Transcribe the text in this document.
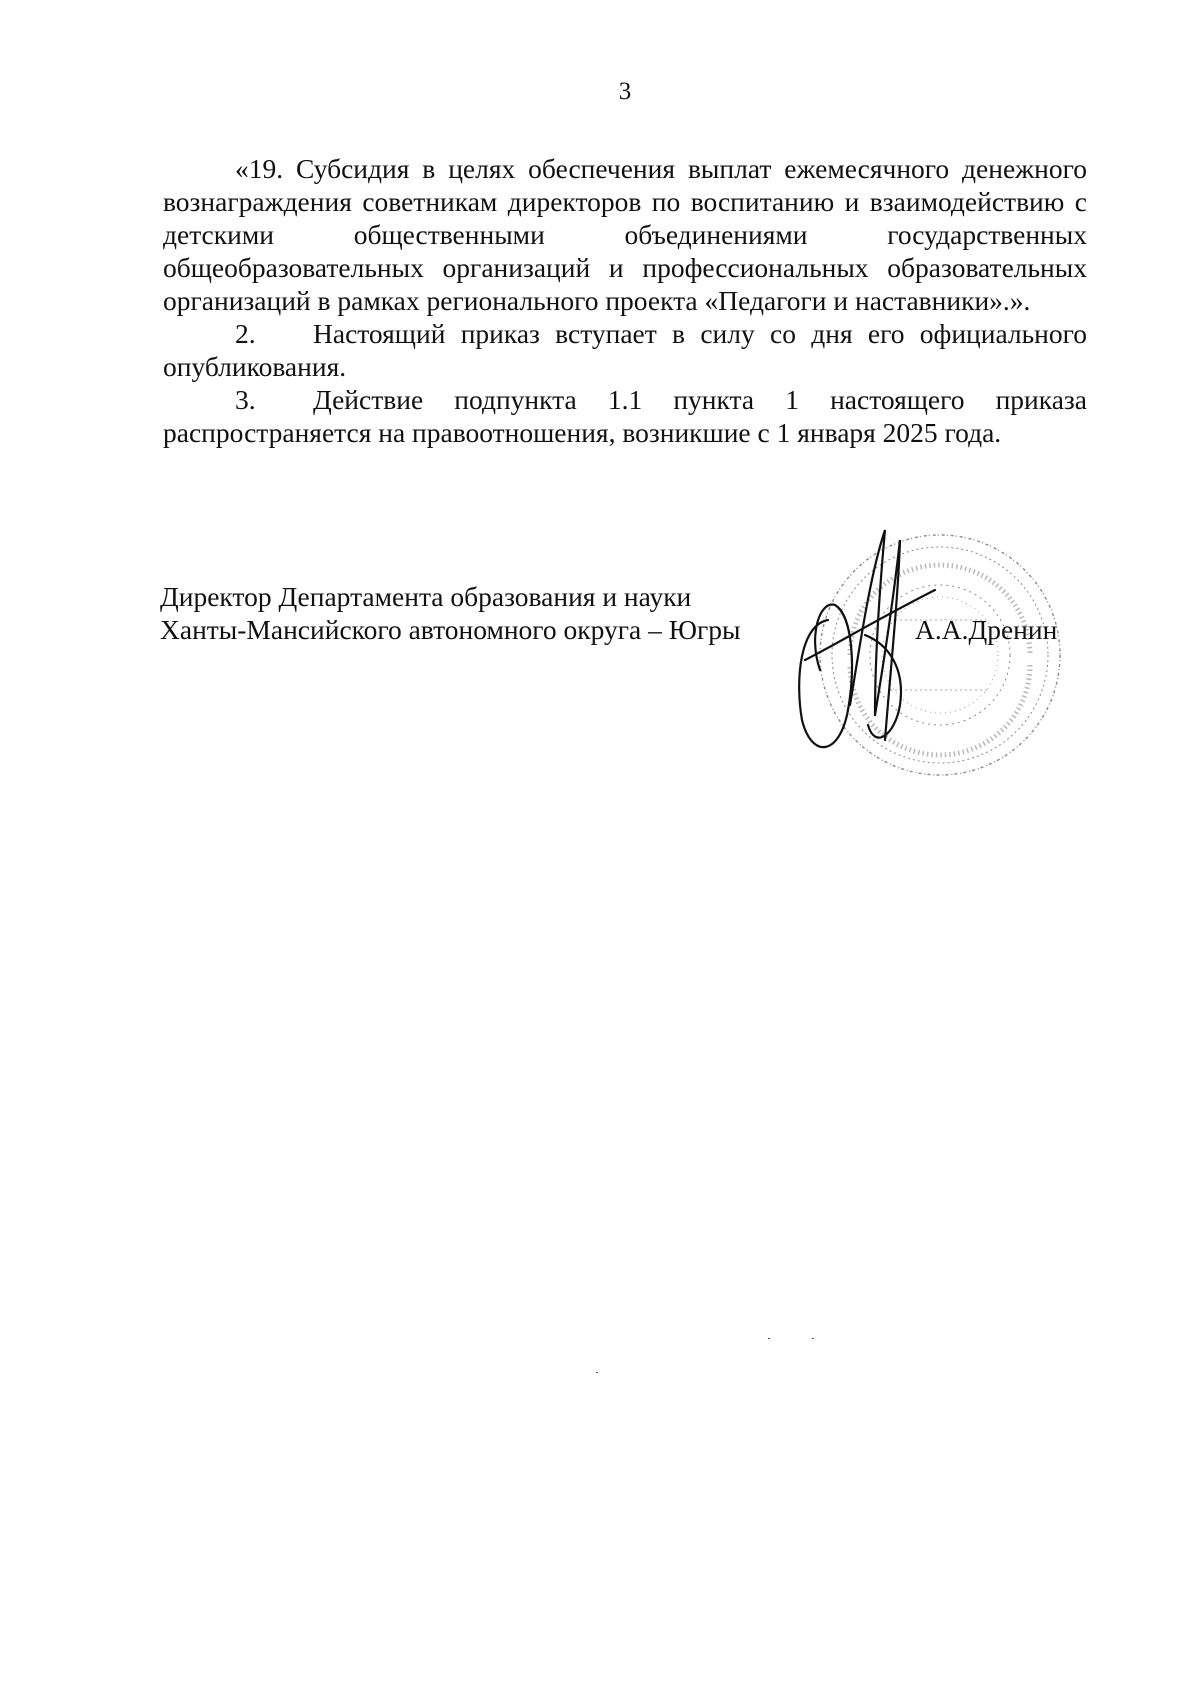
3

«19. Субсидия в целях обеспечения выплат ежемесячного денежного вознаграждения советникам директоров по воспитанию и взаимодействию с детскими общественными объединениями государственных общеобразовательных организаций и профессиональных образовательных организаций в рамках регионального проекта «Педагоги и наставники».».

2. Настоящий приказ вступает в силу со дня его официального опубликования.

3. Действие подпункта 1.1 пункта 1 настоящего приказа распространяется на правоотношения, возникшие с 1 января 2025 года.

Директор Департамента образования и науки
Ханты-Мансийского автономного округа – Югры	А.А.Дренин
